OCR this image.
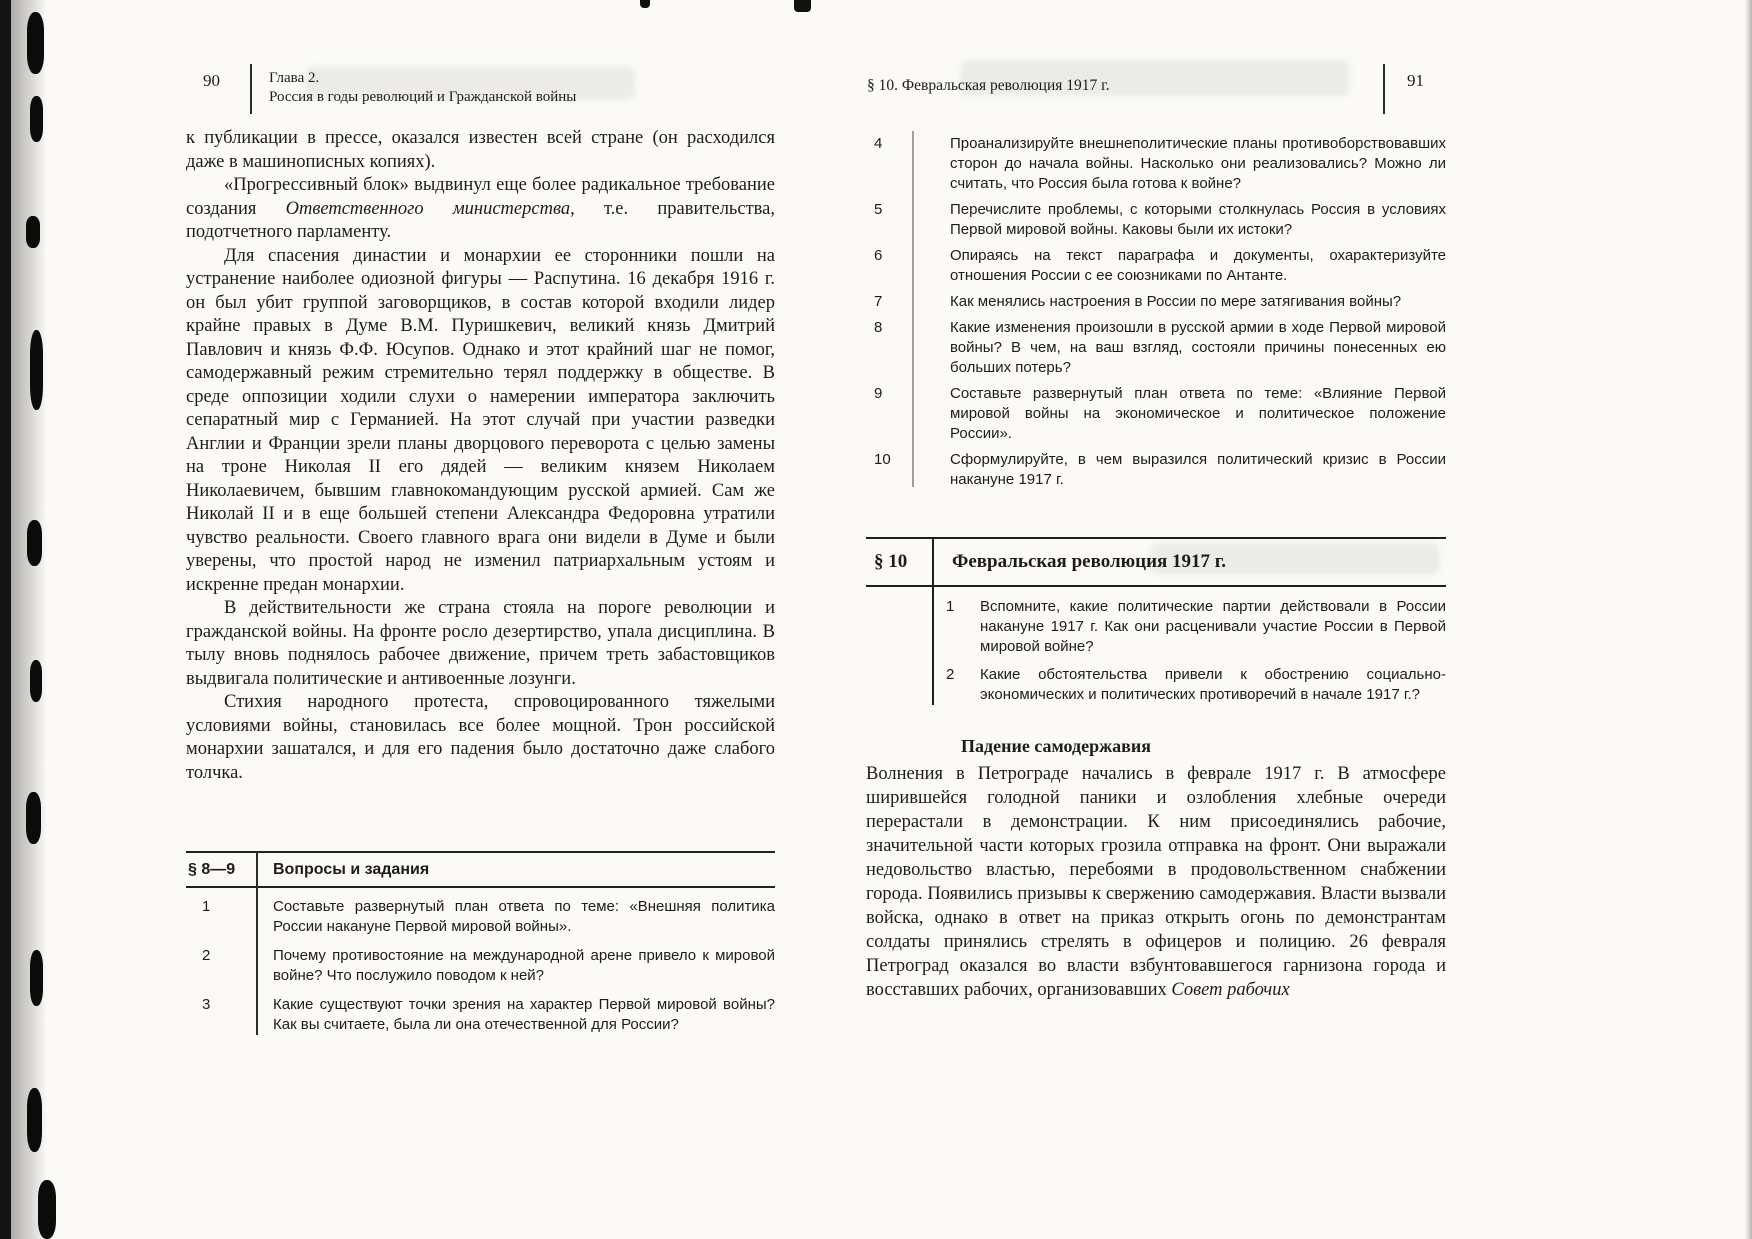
90	Глава 2.
Россия в годы революций и Гражданской войны

к публикации в прессе, оказался известен всей стране (он расходился даже в машинописных копиях).

«Прогрессивный блок» выдвинул еще более радикальное требование создания Ответственного министерства, т.е. правительства, подотчетного парламенту.

Для спасения династии и монархии ее сторонники пошли на устранение наиболее одиозной фигуры — Распутина. 16 декабря 1916 г. он был убит группой заговорщиков, в состав которой входили лидер крайне правых в Думе В.М. Пуришкевич, великий князь Дмитрий Павлович и князь Ф.Ф. Юсупов. Однако и этот крайний шаг не помог, самодержавный режим стремительно терял поддержку в обществе. В среде оппозиции ходили слухи о намерении императора заключить сепаратный мир с Германией. На этот случай при участии разведки Англии и Франции зрели планы дворцового переворота с целью замены на троне Николая II его дядей — великим князем Николаем Николаевичем, бывшим главнокомандующим русской армией. Сам же Николай II и в еще большей степени Александра Федоровна утратили чувство реальности. Своего главного врага они видели в Думе и были уверены, что простой народ не изменил патриархальным устоям и искренне предан монархии.

В действительности же страна стояла на пороге революции и гражданской войны. На фронте росло дезертирство, упала дисциплина. В тылу вновь поднялось рабочее движение, причем треть забастовщиков выдвигала политические и антивоенные лозунги.

Стихия народного протеста, спровоцированного тяжелыми условиями войны, становилась все более мощной. Трон российской монархии зашатался, и для его падения было достаточно даже слабого толчка.

§ 8—9	Вопросы и задания
1	Составьте развернутый план ответа по теме: «Внешняя политика России накануне Первой мировой войны».
2	Почему противостояние на международной арене привело к мировой войне? Что послужило поводом к ней?
3	Какие существуют точки зрения на характер Первой мировой войны? Как вы считаете, была ли она отечественной для России?
§ 10. Февральская революция 1917 г.	91
4	Проанализируйте внешнеполитические планы противоборствовавших сторон до начала войны. Насколько они реализовались? Можно ли считать, что Россия была готова к войне?
5	Перечислите проблемы, с которыми столкнулась Россия в условиях Первой мировой войны. Каковы были их истоки?
6	Опираясь на текст параграфа и документы, охарактеризуйте отношения России с ее союзниками по Антанте.
7	Как менялись настроения в России по мере затягивания войны?
8	Какие изменения произошли в русской армии в ходе Первой мировой войны? В чем, на ваш взгляд, состояли причины понесенных ею больших потерь?
9	Составьте развернутый план ответа по теме: «Влияние Первой мировой войны на экономическое и политическое положение России».
10	Сформулируйте, в чем выразился политический кризис в России накануне 1917 г.
§ 10	Февральская революция 1917 г.
1	Вспомните, какие политические партии действовали в России накануне 1917 г. Как они расценивали участие России в Первой мировой войне?
2	Какие обстоятельства привели к обострению социально-экономических и политических противоречий в начале 1917 г.?
Падение самодержавия

Волнения в Петрограде начались в феврале 1917 г. В атмосфере ширившейся голодной паники и озлобления хлебные очереди перерастали в демонстрации. К ним присоединялись рабочие, значительной части которых грозила отправка на фронт. Они выражали недовольство властью, перебоями в продовольственном снабжении города. Появились призывы к свержению самодержавия. Власти вызвали войска, однако в ответ на приказ открыть огонь по демонстрантам солдаты принялись стрелять в офицеров и полицию. 26 февраля Петроград оказался во власти взбунтовавшегося гарнизона города и восставших рабочих, организовавших Совет рабочих
